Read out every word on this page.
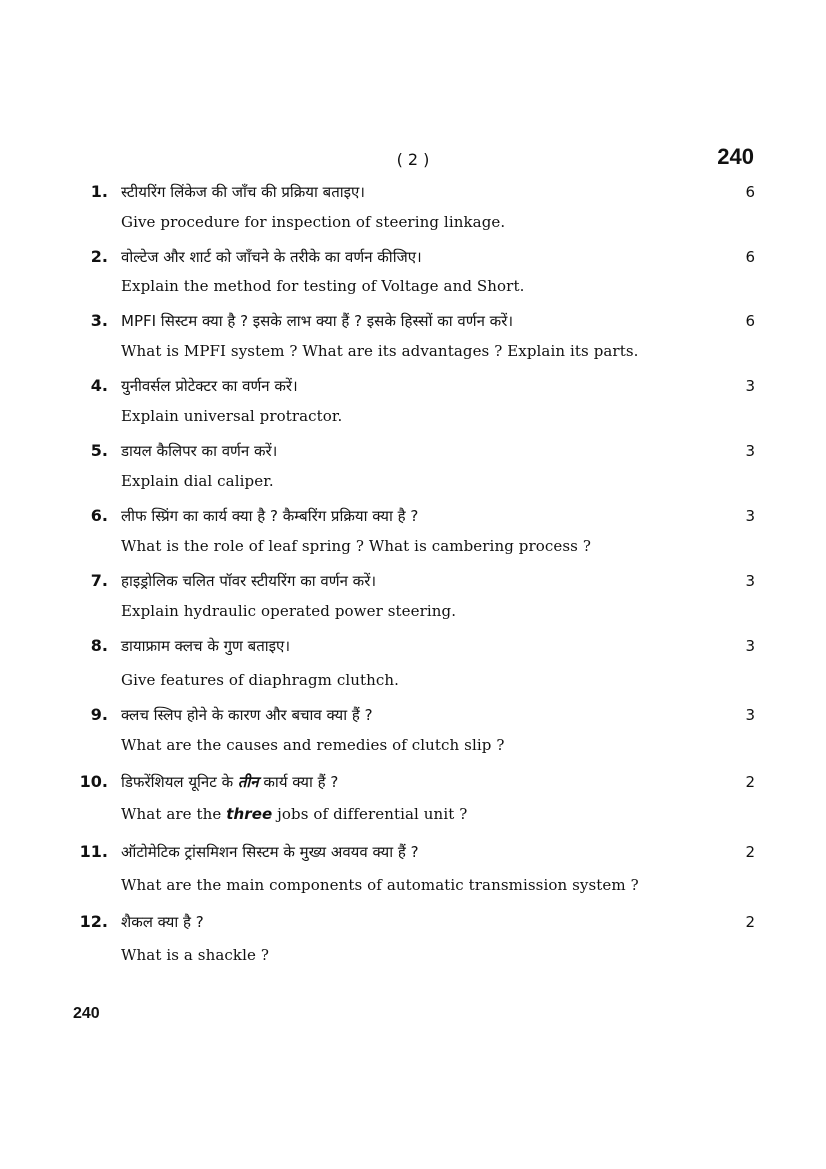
( 2 )	240
1. स्टीयरिंग लिंकेज की जाँच की प्रक्रिया बताइए।	6
Give procedure for inspection of steering linkage.
2. वोल्टेज और शार्ट को जाँचने के तरीके का वर्णन कीजिए।	6
Explain the method for testing of Voltage and Short.
3. MPFI सिस्टम क्या है ? इसके लाभ क्या हैं ? इसके हिस्सों का वर्णन करें।	6
What is MPFI system ? What are its advantages ? Explain its parts.
4. युनीवर्सल प्रोटेक्टर का वर्णन करें।	3
Explain universal protractor.
5. डायल कैलिपर का वर्णन करें।	3
Explain dial caliper.
6. लीफ स्प्रिंग का कार्य क्या है ? कैम्बरिंग प्रक्रिया क्या है ?	3
What is the role of leaf spring ? What is cambering process ?
7. हाइड्रोलिक चलित पॉवर स्टीयरिंग का वर्णन करें।	3
Explain hydraulic operated power steering.
8. डायाफ्राम क्लच के गुण बताइए।	3
Give features of diaphragm cluthch.
9. क्लच स्लिप होने के कारण और बचाव क्या हैं ?	3
What are the causes and remedies of clutch slip ?
10. डिफरेंशियल यूनिट के तीन कार्य क्या हैं ?	2
What are the three jobs of differential unit ?
11. ऑटोमेटिक ट्रांसमिशन सिस्टम के मुख्य अवयव क्या हैं ?	2
What are the main components of automatic transmission system ?
12. शैकल क्या है ?	2
What is a shackle ?
240
